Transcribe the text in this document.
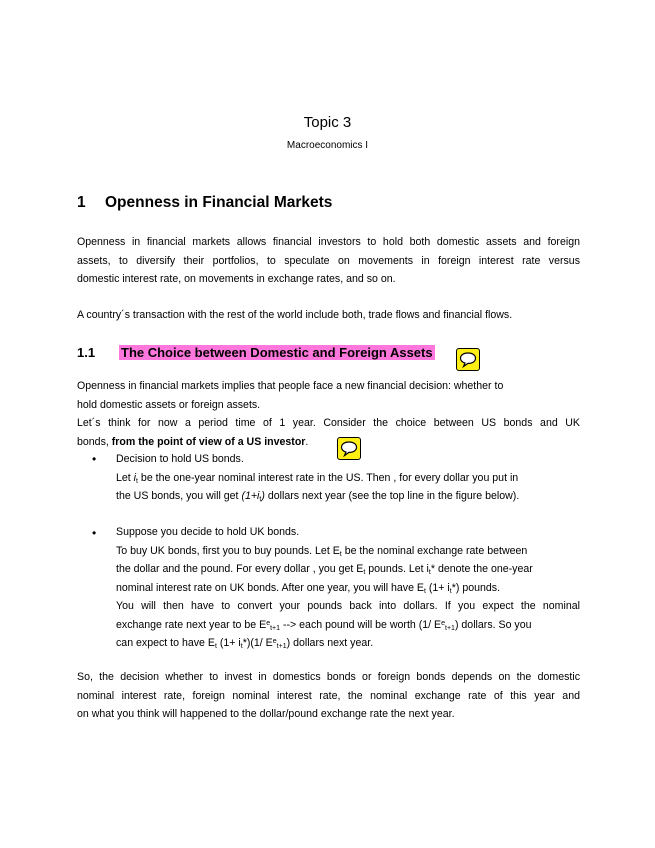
Topic 3
Macroeconomics I
1 Openness in Financial Markets
Openness in financial markets allows financial investors to hold both domestic assets and foreign
assets, to diversify their portfolios, to speculate on movements in foreign interest rate versus
domestic interest rate, on movements in exchange rates, and so on.
A country´s transaction with the rest of the world include both, trade flows and financial flows.
1.1 The Choice between Domestic and Foreign Assets
Openness in financial markets implies that people face a new financial decision: whether to
hold domestic assets or foreign assets.
Let´s think for now a period time of 1 year. Consider the choice between US bonds and UK
bonds, from the point of view of a US investor.
• Decision to hold US bonds.
Let $i_t$ be the one-year nominal interest rate in the US. Then , for every dollar you put in
the US bonds, you will get $(1+i_t)$ dollars next year (see the top line in the figure below).
• Suppose you decide to hold UK bonds.
To buy UK bonds, first you to buy pounds. Let $E_t$ be the nominal exchange rate between
the dollar and the pound. For every dollar , you get $E_t$ pounds. Let $i_t*$ denote the one-year
nominal interest rate on UK bonds. After one year, you will have $E_t$ $(1+ i_t*)$ pounds.
You will then have to convert your pounds back into dollars. If you expect the nominal
exchange rate next year to be $E^e_{t+1}$ --> each pound will be worth (1/ $E^e_{t+1}$) dollars. So you
can expect to have $E_t$ $(1+ i_t*)(1/$ $E^e_{t+1}$) dollars next year.
So, the decision whether to invest in domestics bonds or foreign bonds depends on the domestic
nominal interest rate, foreign nominal interest rate, the nominal exchange rate of this year and
on what you think will happened to the dollar/pound exchange rate the next year.
